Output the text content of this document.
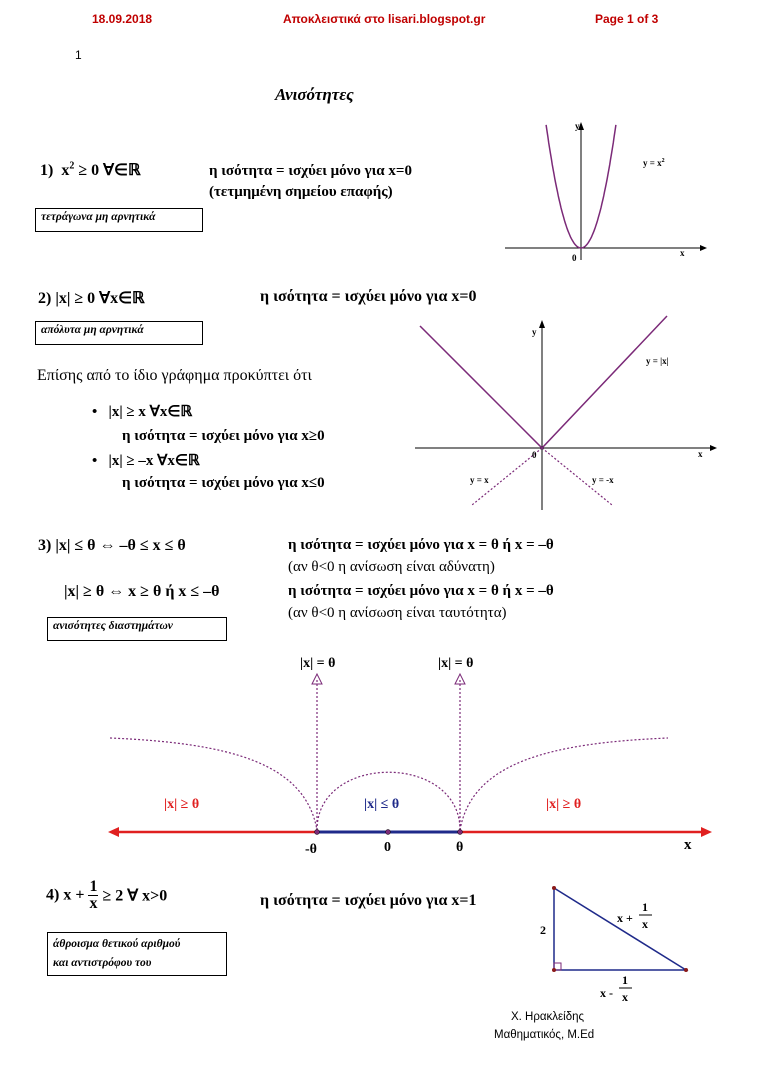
18.09.2018	Αποκλειστικά στο lisari.blogspot.gr	Page 1 of 3
1
Ανισότητες
1) $x^2 \ge 0$ ∀∈ℝ	η ισότητα = ισχύει μόνο για x=0
(τετμημένη σημείου επαφής)
τετράγωνα μη αρνητικά
y
x
0
$y = x^2$
2) |x| ≥ 0 ∀x∈ℝ	η ισότητα = ισχύει μόνο για x=0
απόλυτα μη αρνητικά
Επίσης από το ίδιο γράφημα προκύπτει ότι
•   |x| ≥ x ∀x∈ℝ
η ισότητα = ισχύει μόνο για x≥0
•   |x| ≥ –x ∀x∈ℝ
η ισότητα = ισχύει μόνο για x≤0
y
x
0
y = |x|
y = x	y = -x
3) |x| ≤ θ ⇔ –θ ≤ x ≤ θ	η ισότητα = ισχύει μόνο για x = θ ή x = –θ
(αν θ<0 η ανίσωση είναι αδύνατη)
|x| ≥ θ ⇔ x ≥ θ ή x ≤ –θ	η ισότητα = ισχύει μόνο για x = θ ή x = –θ
(αν θ<0 η ανίσωση είναι ταυτότητα)
ανισότητες διαστημάτων
|x| = θ	|x| = θ
|x| ≥ θ	|x| ≤ θ	|x| ≥ θ
-θ	0	θ	x
4) $x + \frac{1}{x} \ge 2$ ∀ x>0	η ισότητα = ισχύει μόνο για x=1
άθροισμα θετικού αριθμού
και αντιστρόφου του
2
x +
1
x
x -
1
x
Χ. Ηρακλείδης
Μαθηματικός, M.Ed
